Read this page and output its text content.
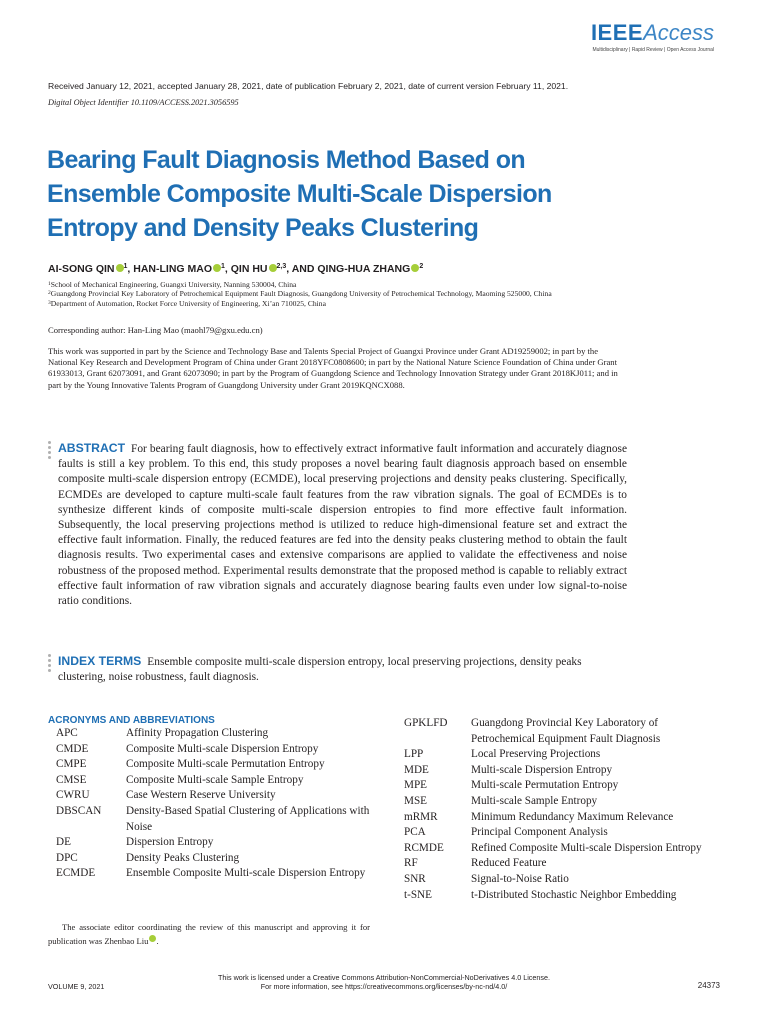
IEEEAccess
Multidisciplinary | Rapid Review | Open Access Journal
Received January 12, 2021, accepted January 28, 2021, date of publication February 2, 2021, date of current version February 11, 2021.
Digital Object Identifier 10.1109/ACCESS.2021.3056595
Bearing Fault Diagnosis Method Based on Ensemble Composite Multi-Scale Dispersion Entropy and Density Peaks Clustering
AI-SONG QIN $^1$, HAN-LING MAO $^1$, QIN HU $^{2,3}$, AND QING-HUA ZHANG $^2$
$^1$School of Mechanical Engineering, Guangxi University, Nanning 530004, China
$^2$Guangdong Provincial Key Laboratory of Petrochemical Equipment Fault Diagnosis, Guangdong University of Petrochemical Technology, Maoming 525000, China
$^3$Department of Automation, Rocket Force University of Engineering, Xi’an 710025, China
Corresponding author: Han-Ling Mao (maohl79@gxu.edu.cn)
This work was supported in part by the Science and Technology Base and Talents Special Project of Guangxi Province under Grant AD19259002; in part by the National Key Research and Development Program of China under Grant 2018YFC0808600; in part by the National Nature Science Foundation of China under Grant 61933013, Grant 62073091, and Grant 62073090; in part by the Program of Guangdong Science and Technology Innovation Strategy under Grant 2018KJ011; and in part by the Young Innovative Talents Program of Guangdong University under Grant 2019KQNCX088.
ABSTRACT For bearing fault diagnosis, how to effectively extract informative fault information and accurately diagnose faults is still a key problem. To this end, this study proposes a novel bearing fault diagnosis approach based on ensemble composite multi-scale dispersion entropy (ECMDE), local preserving projections and density peaks clustering. Specifically, ECMDEs are developed to capture multi-scale fault features from the raw vibration signals. The goal of ECMDEs is to synthesize different kinds of composite multi-scale dispersion entropies to find more effective fault information. Subsequently, the local preserving projections method is utilized to reduce high-dimensional feature set and extract the effective fault information. Finally, the reduced features are fed into the density peaks clustering method to obtain the fault diagnosis results. Two experimental cases and extensive comparisons are applied to validate the effectiveness and noise robustness of the proposed method. Experimental results demonstrate that the proposed method is capable to reliably extract effective fault information of raw vibration signals and accurately diagnose bearing faults even under low signal-to-noise ratio conditions.
INDEX TERMS Ensemble composite multi-scale dispersion entropy, local preserving projections, density peaks clustering, noise robustness, fault diagnosis.
ACRONYMS AND ABBREVIATIONS
APC	Affinity Propagation Clustering
CMDE	Composite Multi-scale Dispersion Entropy
CMPE	Composite Multi-scale Permutation Entropy
CMSE	Composite Multi-scale Sample Entropy
CWRU	Case Western Reserve University
DBSCAN	Density-Based Spatial Clustering of Applications with Noise
DE	Dispersion Entropy
DPC	Density Peaks Clustering
ECMDE	Ensemble Composite Multi-scale Dispersion Entropy
GPKLFD	Guangdong Provincial Key Laboratory of Petrochemical Equipment Fault Diagnosis
LPP	Local Preserving Projections
MDE	Multi-scale Dispersion Entropy
MPE	Multi-scale Permutation Entropy
MSE	Multi-scale Sample Entropy
mRMR	Minimum Redundancy Maximum Relevance
PCA	Principal Component Analysis
RCMDE	Refined Composite Multi-scale Dispersion Entropy
RF	Reduced Feature
SNR	Signal-to-Noise Ratio
t-SNE	t-Distributed Stochastic Neighbor Embedding
The associate editor coordinating the review of this manuscript and approving it for publication was Zhenbao Liu .
This work is licensed under a Creative Commons Attribution-NonCommercial-NoDerivatives 4.0 License.
For more information, see https://creativecommons.org/licenses/by-nc-nd/4.0/
VOLUME 9, 2021	24373
